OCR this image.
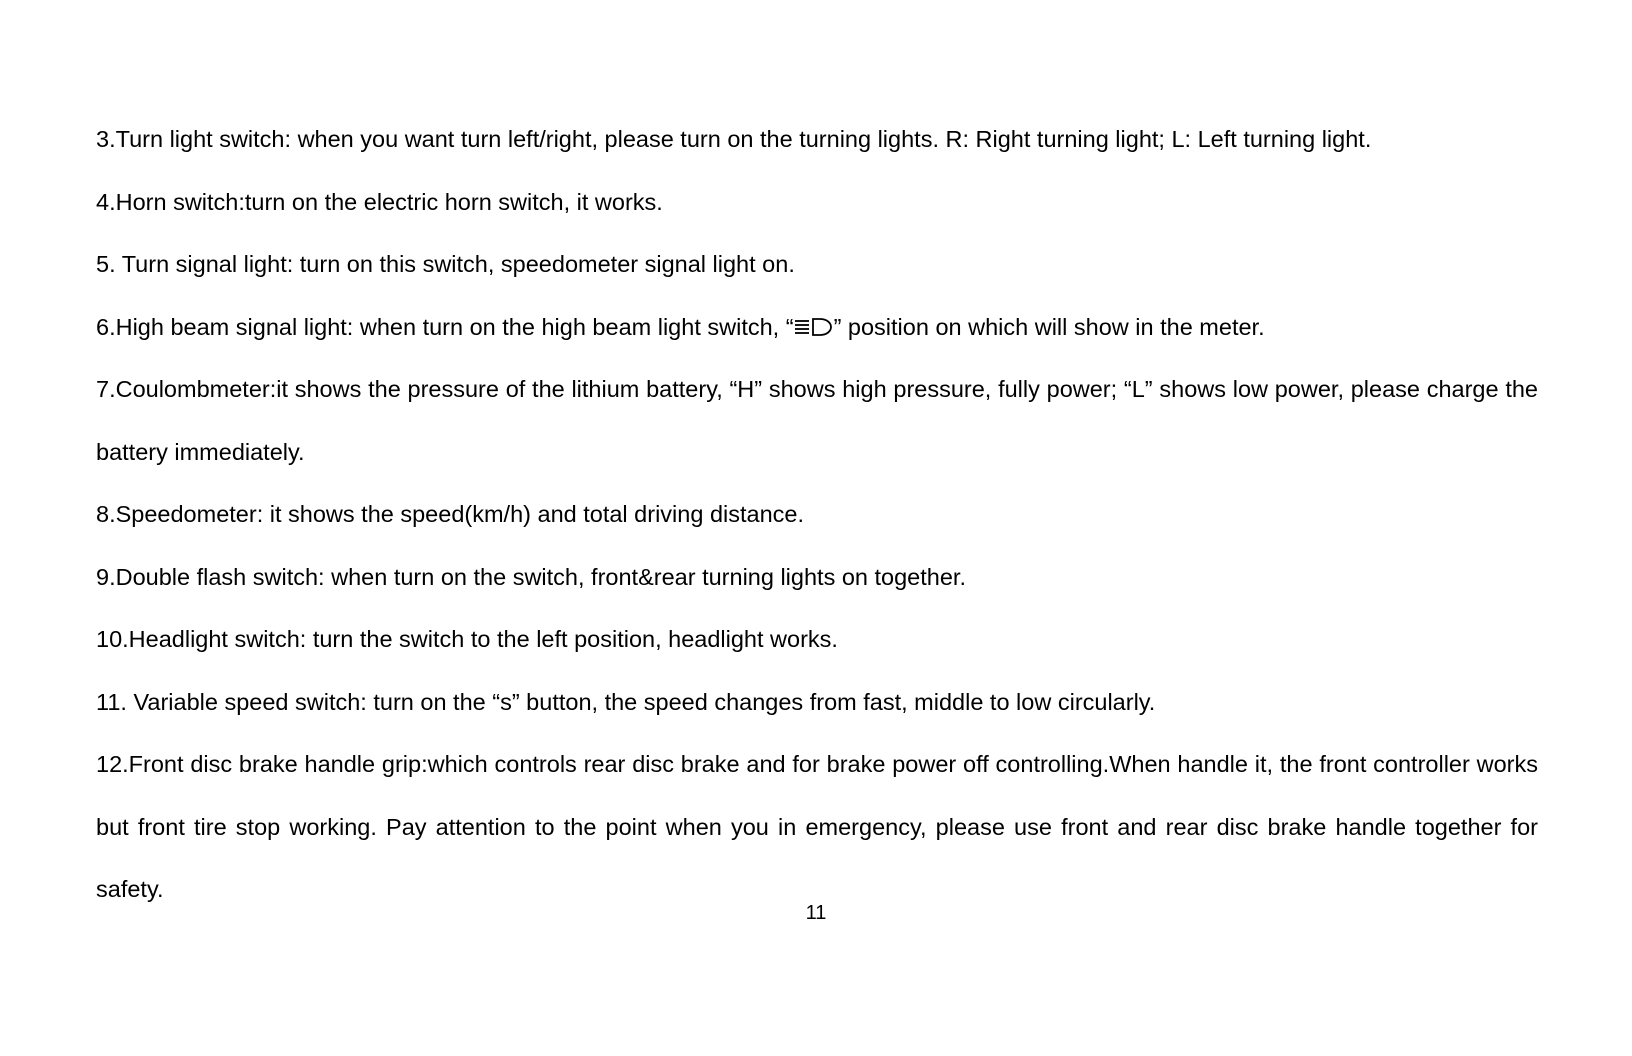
3.Turn light switch: when you want turn left/right, please turn on the turning lights. R: Right turning light; L: Left turning light.

4.Horn switch:turn on the electric horn switch, it works.

5. Turn signal light: turn on this switch, speedometer signal light on.

6.High beam signal light: when turn on the high beam light switch, “ ” position on which will show in the meter.

7.Coulombmeter:it shows the pressure of the lithium battery, “H” shows high pressure, fully power; “L” shows low power, please charge the battery immediately.

8.Speedometer: it shows the speed(km/h) and total driving distance.

9.Double flash switch: when turn on the switch, front&rear turning lights on together.

10.Headlight switch: turn the switch to the left position, headlight works.

11. Variable speed switch: turn on the “s” button, the speed changes from fast, middle to low circularly.

12.Front disc brake handle grip:which controls rear disc brake and for brake power off controlling.When handle it, the front controller works but front tire stop working. Pay attention to the point when you in emergency, please use front and rear disc brake handle together for safety.

11
